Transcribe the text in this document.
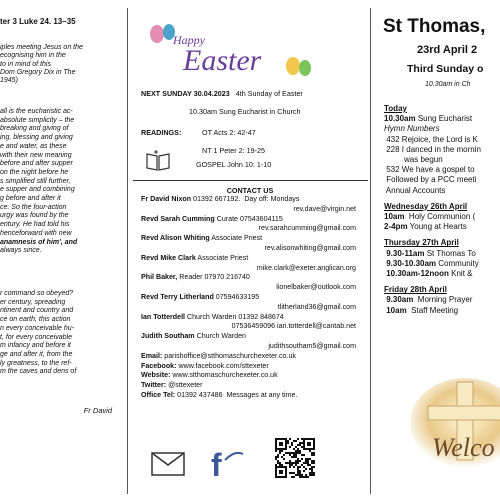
ter 3 Luke 24. 13–35
iples meeting Jesus on the
ecognising him in the
to in mind of this
Dom Gregory Dix in The
1945)
all is the eucharistic ac-
absolute simplicity – the
breaking and giving of
ing, blessing and giving
e and water, as these
with their new meaning
before and after supper
on the night before he
s simplified still further,
e supper and combining
g before and after it
ce. So the four-action
urgy was found by the
entury. He had told his
henceforward with new
anamnesis of him', and
always since.
r command so obeyed?
er century, spreading
ntinent and country and
ce on earth, this action
n every conceivable hu-
t, for every conceivable
m infancy and before it
ge and after it, from the
ly greatness, to the ref-
m the caves and dens of
Fr David
Happy
Easter
NEXT SUNDAY 30.04.2023 4th Sunday of Easter
10.30am Sung Eucharist in Church
READINGS:	OT Acts 2: 42-47
NT 1 Peter 2: 19-25
GOSPEL John 10: 1-10
CONTACT US
Fr David Nixon 01392 667192.  Day off: Mondays
rev.dave@virgin.net
Revd Sarah Cumming Curate 07543604115
rev.sarahcumming@gmail.com
Revd Alison Whiting Associate Priest
rev.alisonwhiting@gmail.com
Revd Mike Clark Associate Priest
mike.clark@exeter.anglican.org
Phil Baker, Reader 07970 216740
lionelbaker@outlook.com
Revd Terry Litherland 07594633195
tlitherland36@gmail.com
Ian Totterdell Church Warden 01392 848674
07536459096 ian.totterdell@cantab.net
Judith Southam Church Warden
judithsoutham5@gmail.com
Email: parishoffice@stthomaschurchexeter.co.uk
Facebook: www.facebook.com/sttexeter
Website: www.stthomaschurchexeter.co.uk
Twitter: @sttexeter
Office Tel: 01392 437486  Messages at any time.
f
St Thomas,
23rd April 2
Third Sunday o
10.30am in Ch
Today
10.30am Sung Eucharist
Hymn Numbers
432 Rejoice, the Lord is K
228 I danced in the mornin
was begun
532 We have a gospel to
Followed by a PCC meeti
Annual Accounts
Wednesday 26th April
10am  Holy Communion (
2-4pm Young at Hearts
Thursday 27th April
9.30-11am St Thomas To
9.30-10.30am Community
10.30am-12noon Knit &
Friday 28th April
9.30am  Morning Prayer
10am  Staff Meeting
Welco
